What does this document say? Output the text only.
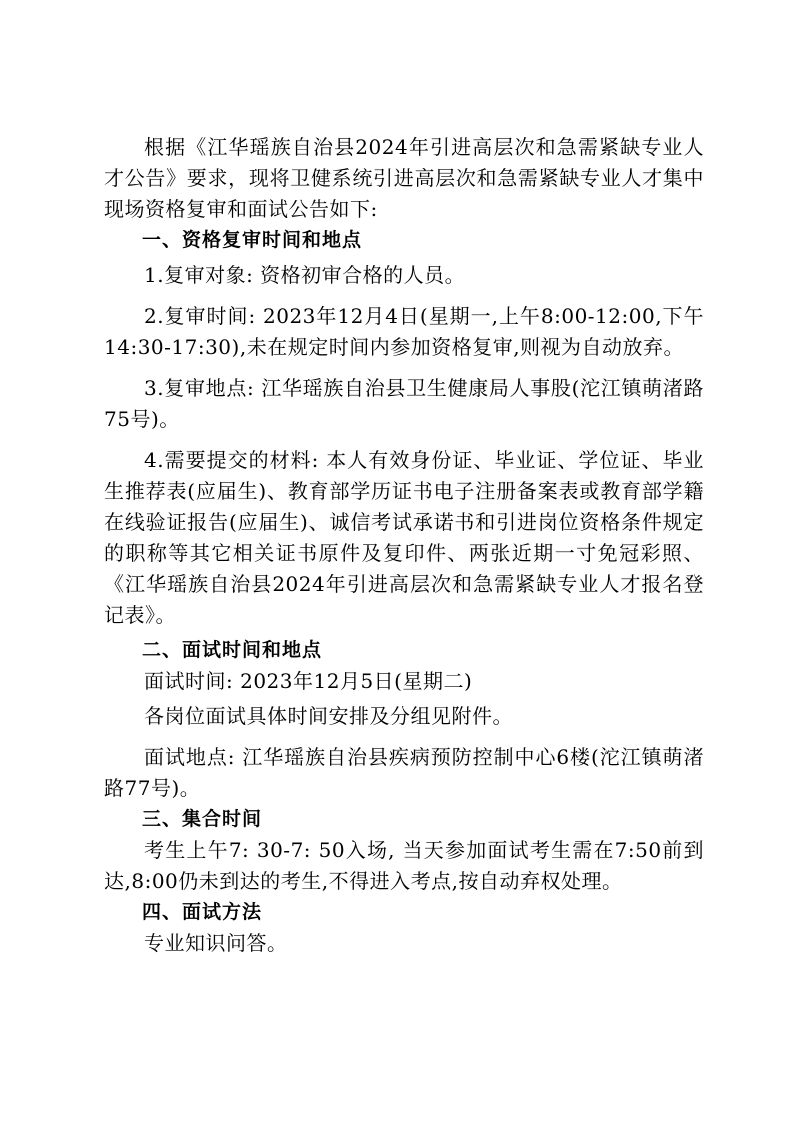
根据《江华瑶族自治县2024年引进高层次和急需紧缺专业人才公告》要求，现将卫健系统引进高层次和急需紧缺专业人才集中现场资格复审和面试公告如下:

一、资格复审时间和地点

1.复审对象: 资格初审合格的人员。

2.复审时间: 2023年12月4日(星期一,上午8:00-12:00,下午14:30-17:30),未在规定时间内参加资格复审,则视为自动放弃。

3.复审地点: 江华瑶族自治县卫生健康局人事股(沱江镇萌渚路75号)。

4.需要提交的材料: 本人有效身份证、毕业证、学位证、毕业生推荐表(应届生)、教育部学历证书电子注册备案表或教育部学籍在线验证报告(应届生)、诚信考试承诺书和引进岗位资格条件规定的职称等其它相关证书原件及复印件、两张近期一寸免冠彩照、《江华瑶族自治县2024年引进高层次和急需紧缺专业人才报名登记表》。

二、面试时间和地点

面试时间: 2023年12月5日(星期二)

各岗位面试具体时间安排及分组见附件。

面试地点: 江华瑶族自治县疾病预防控制中心6楼(沱江镇萌渚路77号)。

三、集合时间

考生上午7: 30-7: 50入场, 当天参加面试考生需在7:50前到达,8:00仍未到达的考生,不得进入考点,按自动弃权处理。

四、面试方法

专业知识问答。
